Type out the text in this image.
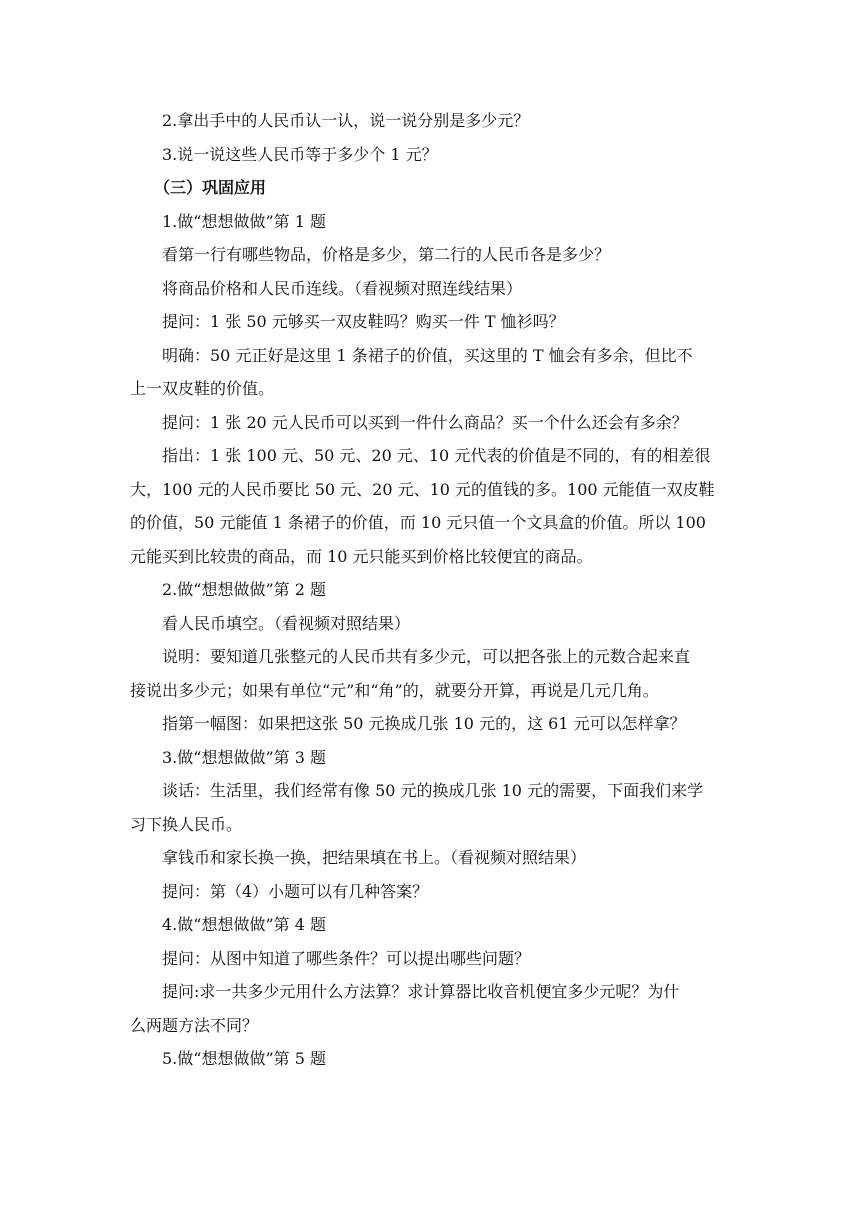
2.拿出手中的人民币认一认，说一说分别是多少元？
3.说一说这些人民币等于多少个 1 元？
（三）巩固应用
1.做“想想做做”第 1 题
看第一行有哪些物品，价格是多少，第二行的人民币各是多少？
将商品价格和人民币连线。（看视频对照连线结果）
提问：1 张 50 元够买一双皮鞋吗？购买一件 T 恤衫吗？
明确：50 元正好是这里 1 条裙子的价值，买这里的 T 恤会有多余，但比不
上一双皮鞋的价值。
提问：1 张 20 元人民币可以买到一件什么商品？买一个什么还会有多余？
指出：1 张 100 元、50 元、20 元、10 元代表的价值是不同的，有的相差很
大，100 元的人民币要比 50 元、20 元、10 元的值钱的多。100 元能值一双皮鞋
的价值，50 元能值 1 条裙子的价值，而 10 元只值一个文具盒的价值。所以 100
元能买到比较贵的商品，而 10 元只能买到价格比较便宜的商品。
2.做“想想做做”第 2 题
看人民币填空。（看视频对照结果）
说明：要知道几张整元的人民币共有多少元，可以把各张上的元数合起来直
接说出多少元；如果有单位“元”和“角”的，就要分开算，再说是几元几角。
指第一幅图：如果把这张 50 元换成几张 10 元的，这 61 元可以怎样拿？
3.做“想想做做”第 3 题
谈话：生活里，我们经常有像 50 元的换成几张 10 元的需要，下面我们来学
习下换人民币。
拿钱币和家长换一换，把结果填在书上。（看视频对照结果）
提问：第（4）小题可以有几种答案？
4.做“想想做做”第 4 题
提问：从图中知道了哪些条件？可以提出哪些问题？
提问:求一共多少元用什么方法算？求计算器比收音机便宜多少元呢？为什
么两题方法不同？
5.做“想想做做”第 5 题
